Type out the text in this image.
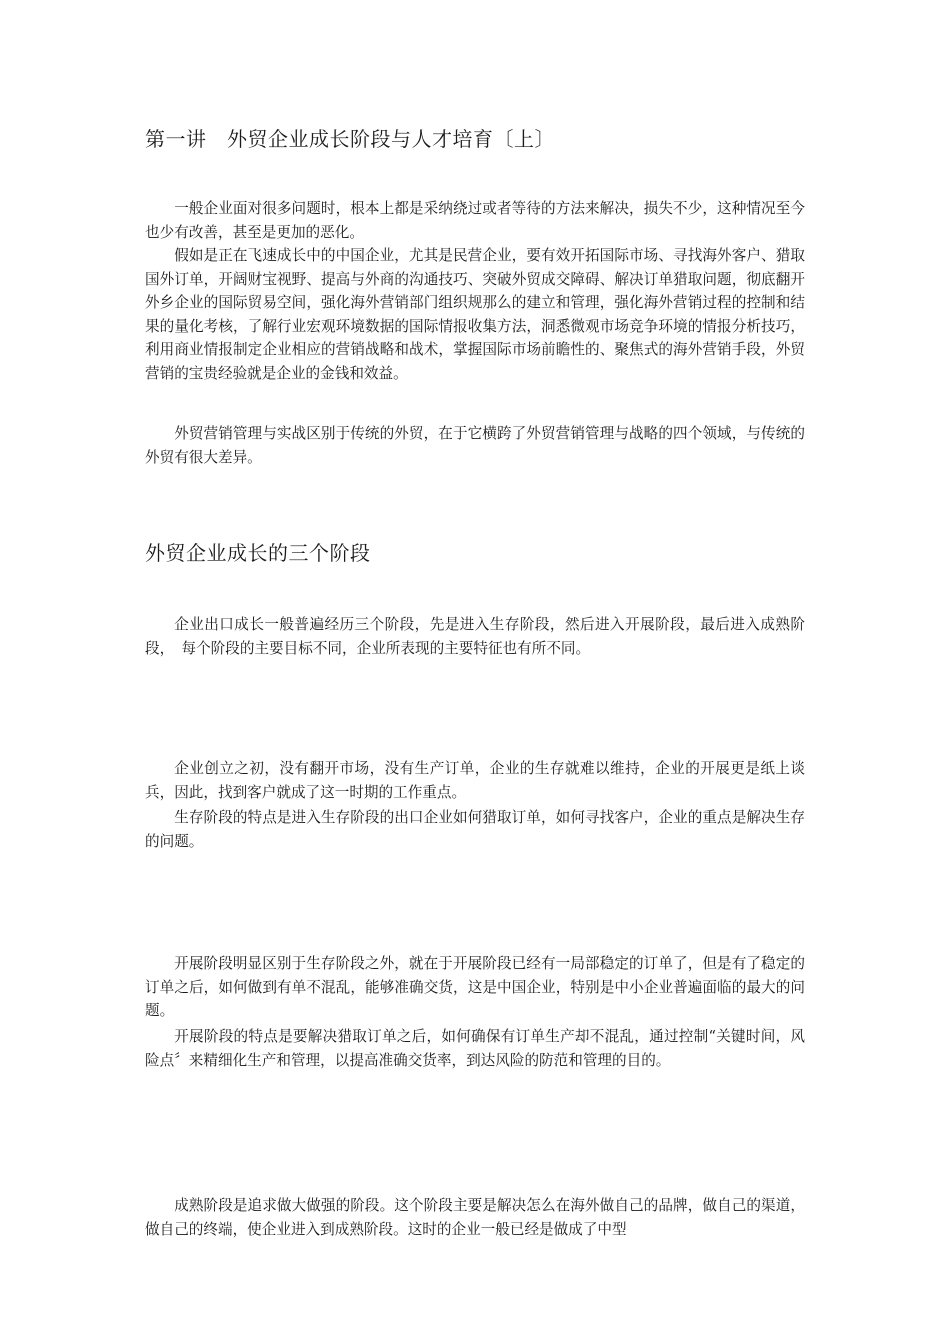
第一讲　外贸企业成长阶段与人才培育〔上〕

一般企业面对很多问题时，根本上都是采纳绕过或者等待的方法来解决，损失不少，这种情况至今也少有改善，甚至是更加的恶化。

假如是正在飞速成长中的中国企业，尤其是民营企业，要有效开拓国际市场、寻找海外客户、猎取国外订单，开阔财宝视野、提高与外商的沟通技巧、突破外贸成交障碍、解决订单猎取问题，彻底翻开外乡企业的国际贸易空间，强化海外营销部门组织规那么的建立和管理，强化海外营销过程的控制和结果的量化考核，了解行业宏观环境数据的国际情报收集方法，洞悉微观市场竞争环境的情报分析技巧，利用商业情报制定企业相应的营销战略和战术，掌握国际市场前瞻性的、聚焦式的海外营销手段，外贸营销的宝贵经验就是企业的金钱和效益。

外贸营销管理与实战区别于传统的外贸，在于它横跨了外贸营销管理与战略的四个领域，与传统的外贸有很大差异。

外贸企业成长的三个阶段

企业出口成长一般普遍经历三个阶段，先是进入生存阶段，然后进入开展阶段，最后进入成熟阶段，　每个阶段的主要目标不同，企业所表现的主要特征也有所不同。

企业创立之初，没有翻开市场，没有生产订单，企业的生存就难以维持，企业的开展更是纸上谈兵，因此，找到客户就成了这一时期的工作重点。

生存阶段的特点是进入生存阶段的出口企业如何猎取订单，如何寻找客户，企业的重点是解决生存的问题。

开展阶段明显区别于生存阶段之外，就在于开展阶段已经有一局部稳定的订单了，但是有了稳定的订单之后，如何做到有单不混乱，能够准确交货，这是中国企业，特别是中小企业普遍面临的最大的问题。

开展阶段的特点是要解决猎取订单之后，如何确保有订单生产却不混乱，通过控制“关键时间，风险点〞来精细化生产和管理，以提高准确交货率，到达风险的防范和管理的目的。

成熟阶段是追求做大做强的阶段。这个阶段主要是解决怎么在海外做自己的品牌，做自己的渠道，做自己的终端，使企业进入到成熟阶段。这时的企业一般已经是做成了中型
